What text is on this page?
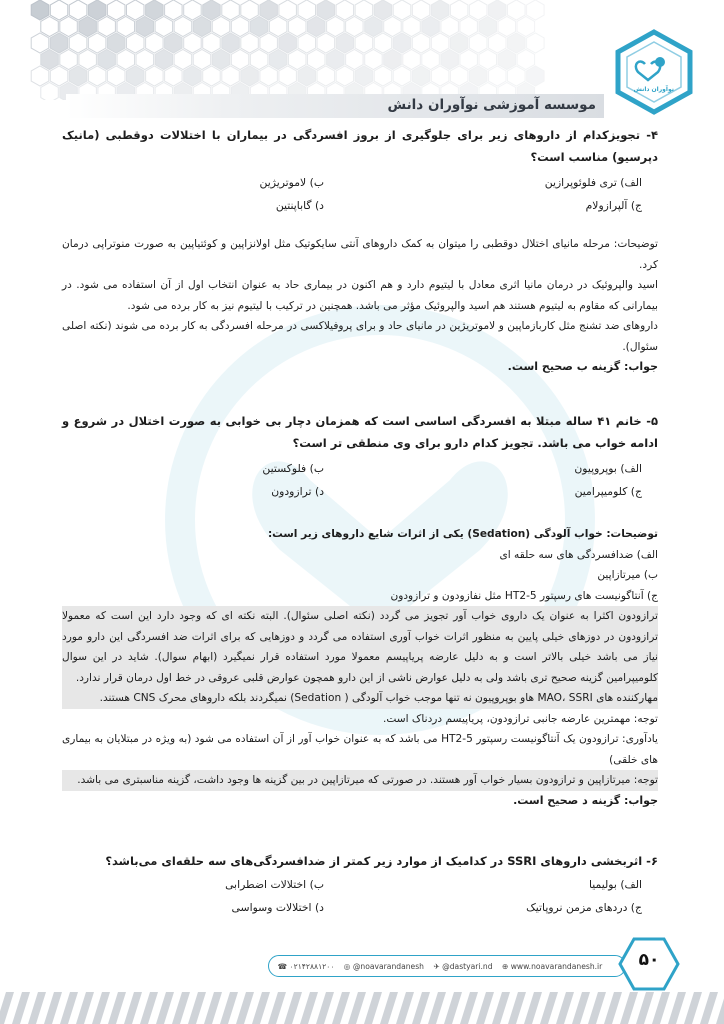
نوآوران دانش
موسسه آموزشی نوآوران دانش

۴- تجویزکدام از داروهای زیر برای جلوگیری از بروز افسردگی در بیماران با اختلالات دوقطبی (مانیک دپرسیو) مناسب است؟

الف) تری فلوئوپرازین
ب) لاموتریژین
ج) آلپرازولام
د) گاباپنتین

توضیحات: مرحله مانیای اختلال دوقطبی را میتوان به کمک داروهای آنتی سایکوتیک مثل اولانزاپین و کوئتیاپین به صورت منوتراپی درمان کرد.

اسید والپروئیک در درمان مانیا اثری معادل با لیتیوم دارد و هم اکنون در بیماری حاد به عنوان انتخاب اول از آن استفاده می شود. در بیمارانی که مقاوم به لیتیوم هستند هم اسید والپروئیک مؤثر می باشد. همچنین در ترکیب با لیتیوم نیز به کار برده می شود.

داروهای ضد تشنج مثل کاربازماپین و لاموتریژین در مانیای حاد و برای پروفیلاکسی در مرحله افسردگی به کار برده می شوند (نکته اصلی سئوال).

جواب: گزینه ب صحیح است.

۵- خانم ۴۱ ساله مبتلا به افسردگی اساسی است که همزمان دچار بی خوابی به صورت اختلال در شروع و ادامه خواب می باشد. تجویز کدام دارو برای وی منطقی تر است؟

الف) بوپروپیون
ب) فلوکستین
ج) کلومیپرامین
د) ترازودون

توضیحات: خواب آلودگی (Sedation) یکی از اثرات شایع داروهای زیر است:

الف) ضدافسردگی های سه حلقه ای

ب) میرتازاپین

ج) آنتاگونیست های رسپتور HT2-5 مثل نفازودون و ترازودون

ترازودون اکثرا به عنوان یک داروی خواب آور تجویز می گردد (نکته اصلی سئوال). البته نکته ای که وجود دارد این است که معمولا ترازودون در دوزهای خیلی پایین به منظور اثرات خواب آوری استفاده می گردد و دوزهایی که برای اثرات ضد افسردگی این دارو مورد نیاز می باشد خیلی بالاتر است و به دلیل عارضه پریاپیسم معمولا مورد استفاده قرار نمیگیرد (ابهام سوال). شاید در این سوال کلومیپرامین گزینه صحیح تری باشد ولی به دلیل عوارض ناشی از این دارو همچون عوارض قلبی عروقی در خط اول درمان قرار ندارد.

مهارکننده های MAO، SSRI هاو بوپروپیون نه تنها موجب خواب آلودگی ( Sedation) نمیگردند بلکه داروهای محرک CNS هستند.

توجه: مهمترین عارضه جانبی ترازودون، پریاپیسم دردناک است.

یادآوری: ترازودون یک آنتاگونیست رسپتور HT2-5 می باشد که به عنوان خواب آور از آن استفاده می شود (به ویژه در مبتلایان به بیماری های خلقی)

توجه: میرتازاپین و ترازودون بسیار خواب آور هستند. در صورتی که میرتازاپین در بین گزینه ها وجود داشت، گزینه مناسبتری می باشد.

جواب: گزینه د صحیح است.

۶- اثربخشی داروهای SSRI در کدامیک از موارد زیر کمتر از ضدافسردگی‌های سه حلقه‌ای می‌باشد؟

الف) بولیمیا
ب) اختلالات اضطرابی
ج) دردهای مزمن نروپاتیک
د) اختلالات وسواسی
☎ ۰۲۱۴۲۸۸۱۲۰۰ ◎ @noavarandanesh ✈ @dastyari.nd ⊕ www.noavarandanesh.ir	۵۰
